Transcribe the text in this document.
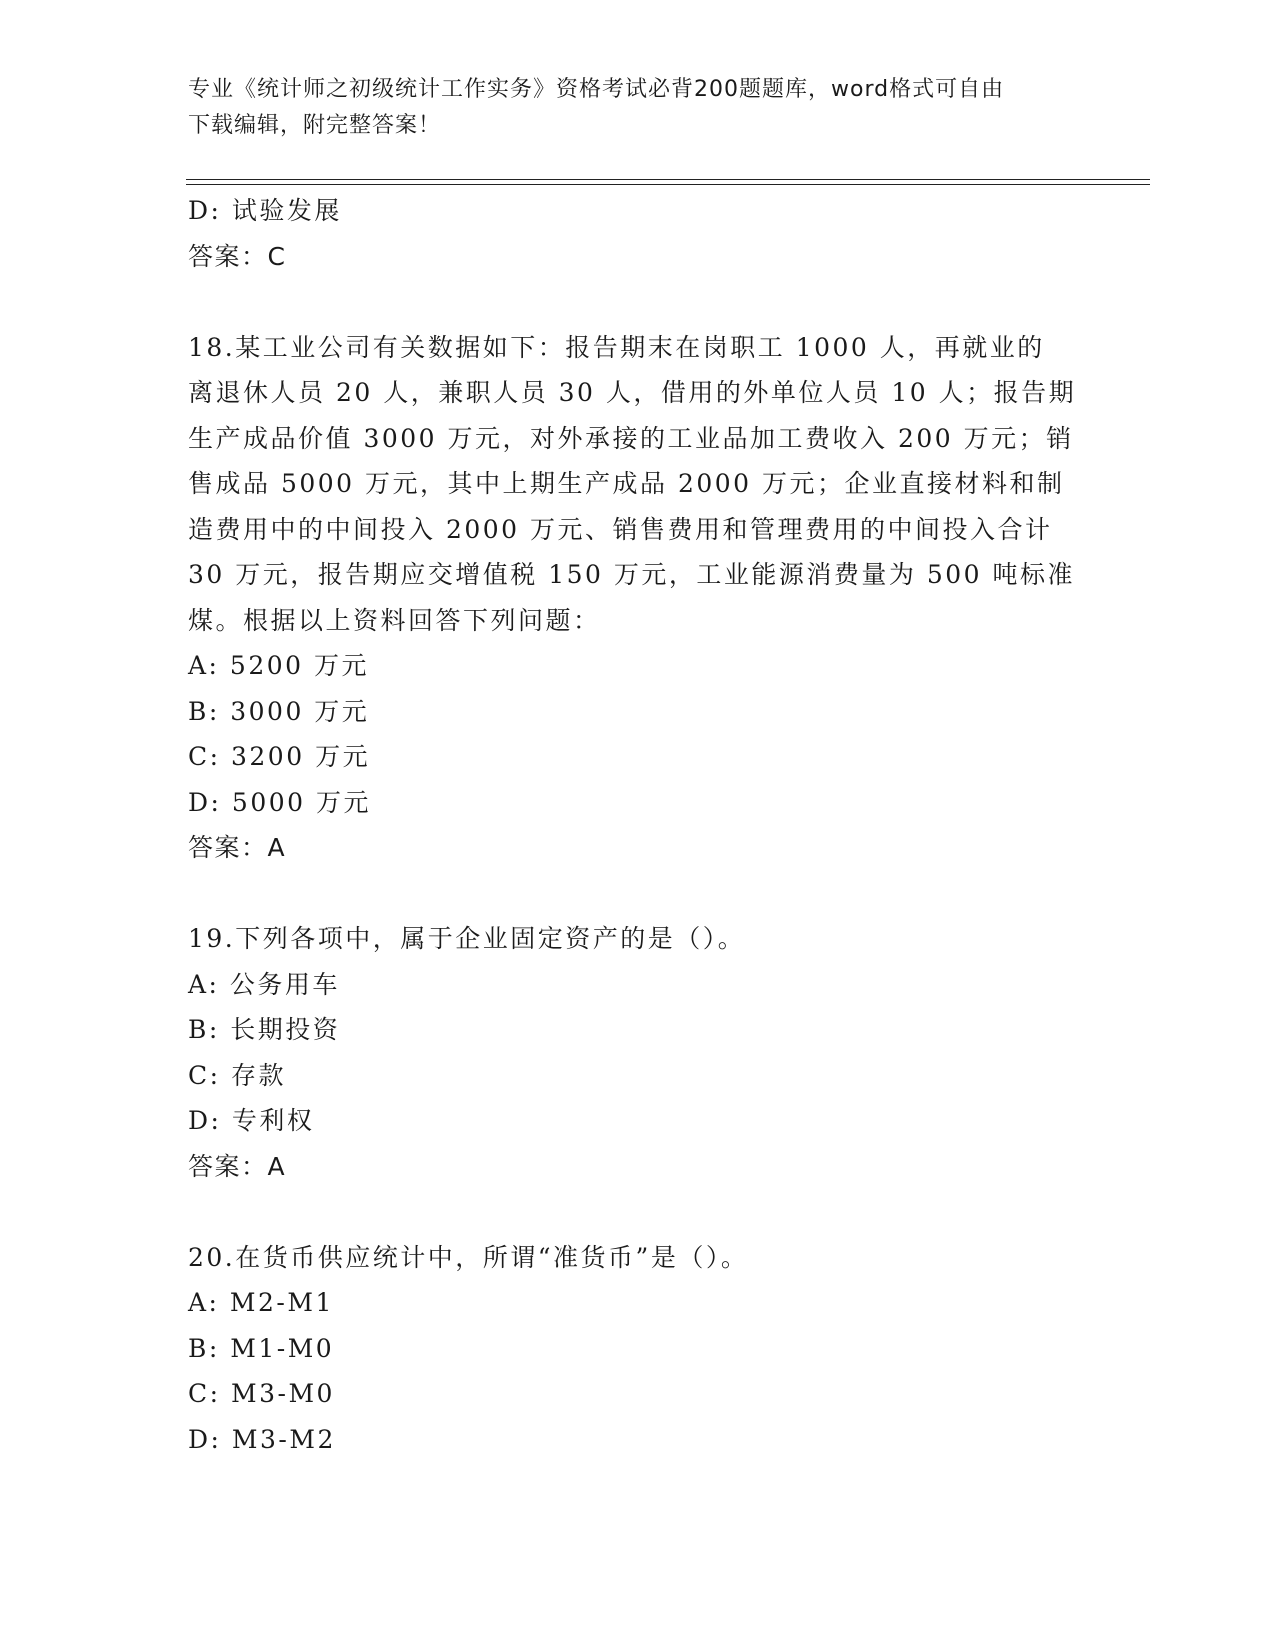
专业《统计师之初级统计工作实务》资格考试必背200题题库，word格式可自由
下载编辑，附完整答案！
D: 试验发展
答案：C
18.某工业公司有关数据如下：报告期末在岗职工 1000 人，再就业的
离退休人员 20 人，兼职人员 30 人，借用的外单位人员 10 人；报告期
生产成品价值 3000 万元，对外承接的工业品加工费收入 200 万元；销
售成品 5000 万元，其中上期生产成品 2000 万元；企业直接材料和制
造费用中的中间投入 2000 万元、销售费用和管理费用的中间投入合计
30 万元，报告期应交增值税 150 万元，工业能源消费量为 500 吨标准
煤。根据以上资料回答下列问题：
A: 5200 万元
B: 3000 万元
C: 3200 万元
D: 5000 万元
答案：A
19.下列各项中，属于企业固定资产的是（）。
A: 公务用车
B: 长期投资
C: 存款
D: 专利权
答案：A
20.在货币供应统计中，所谓“准货币”是（）。
A: M2-M1
B: M1-M0
C: M3-M0
D: M3-M2
